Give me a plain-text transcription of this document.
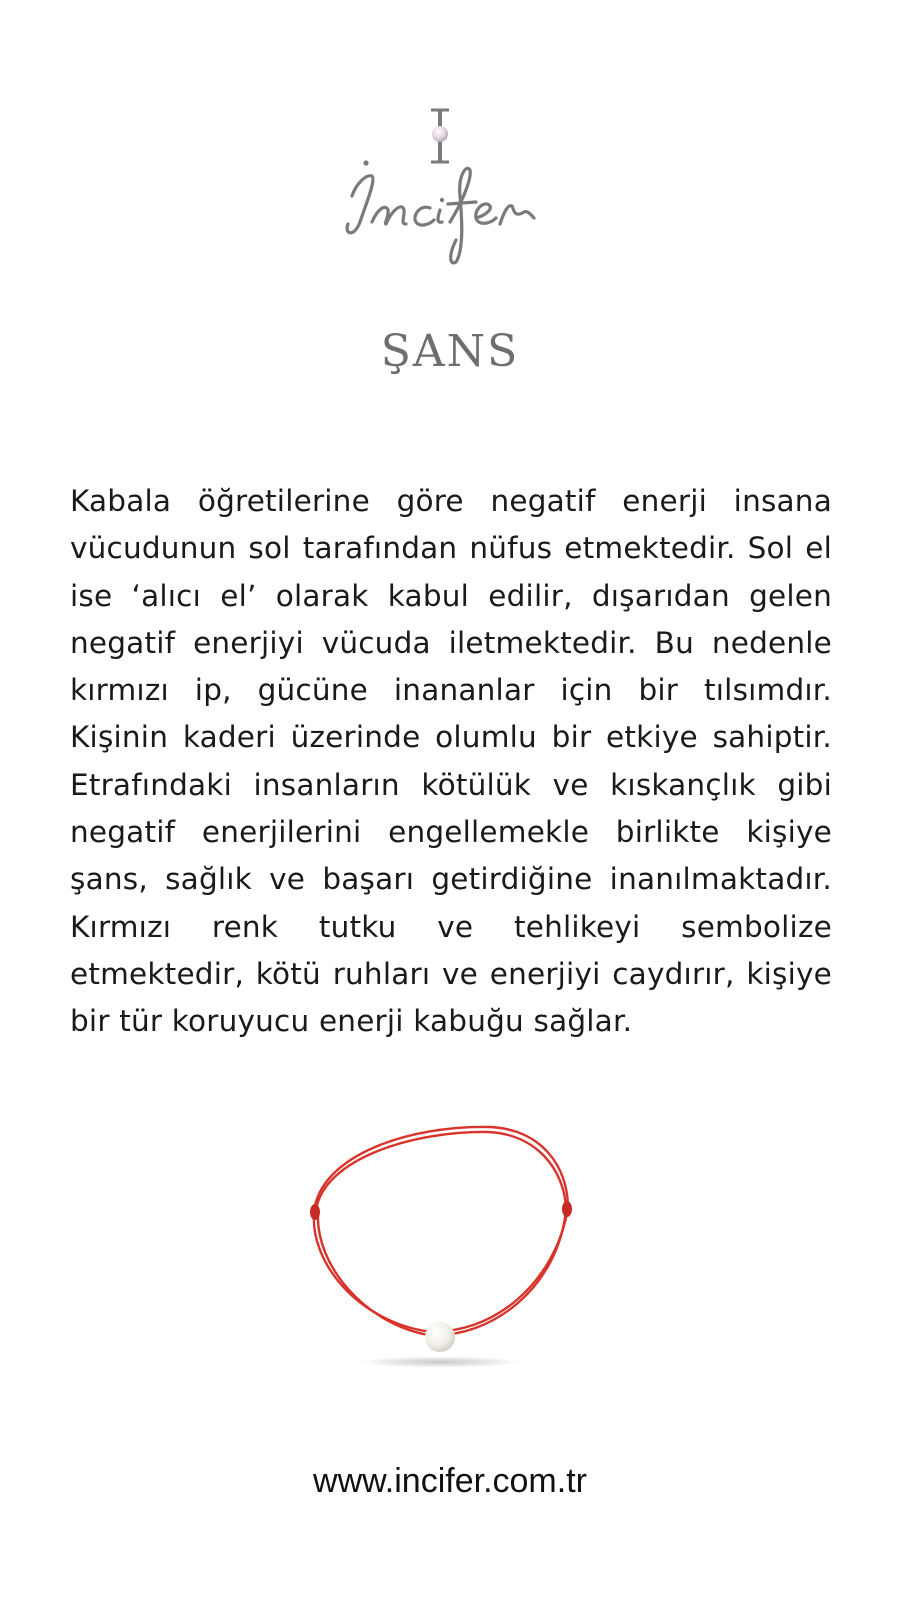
ŞANS

Kabala öğretilerine göre negatif enerji insana vücudunun sol tarafından nüfus etmektedir. Sol el ise ‘alıcı el’ olarak kabul edilir, dışarıdan gelen negatif enerjiyi vücuda iletmektedir. Bu nedenle kırmızı ip, gücüne inananlar için bir tılsımdır. Kişinin kaderi üzerinde olumlu bir etkiye sahiptir. Etrafındaki insanların kötülük ve kıskançlık gibi negatif enerjilerini engellemekle birlikte kişiye şans, sağlık ve başarı getirdiğine inanılmaktadır. Kırmızı renk tutku ve tehlikeyi sembolize etmektedir, kötü ruhları ve enerjiyi caydırır, kişiye bir tür koruyucu enerji kabuğu sağlar.

www.incifer.com.tr
